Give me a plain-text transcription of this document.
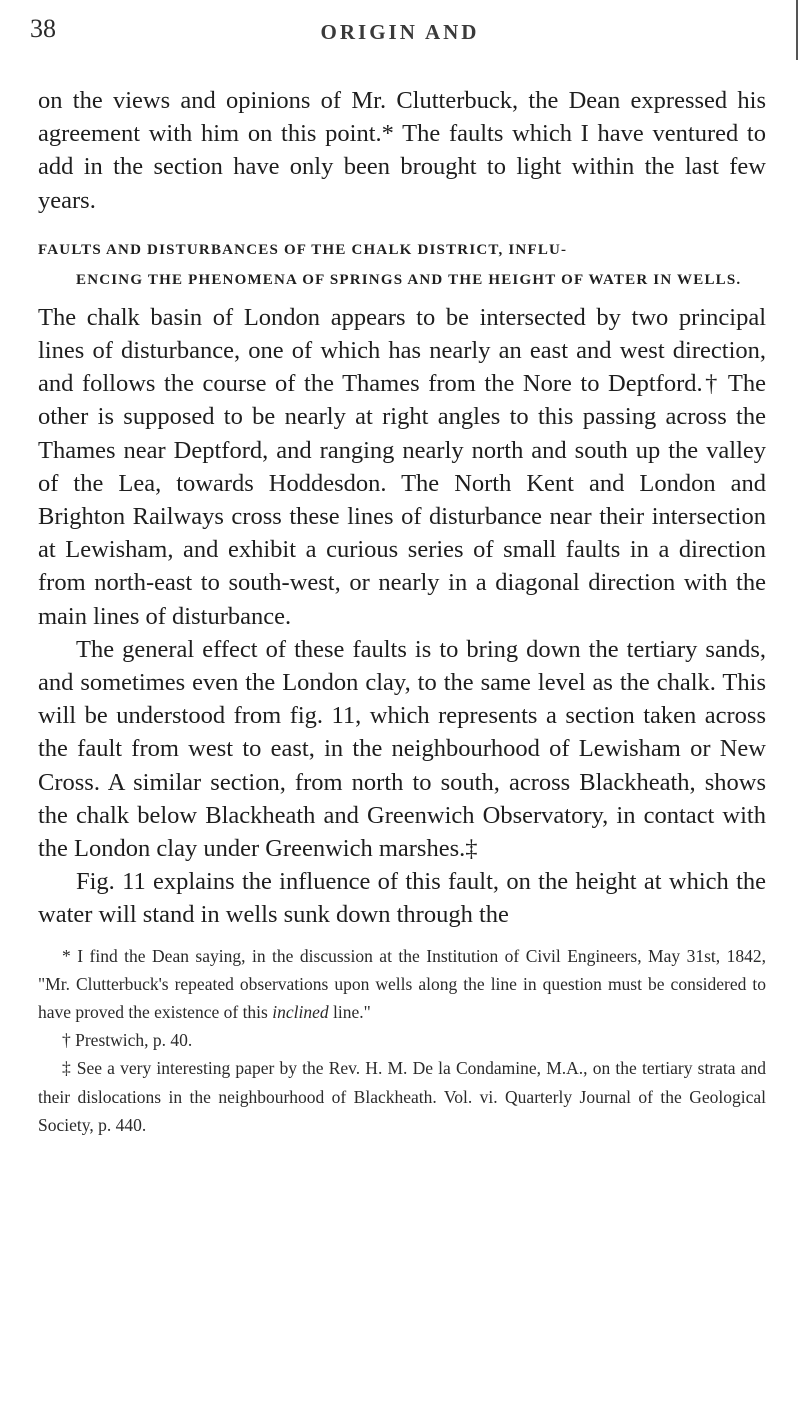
38	ORIGIN AND

on the views and opinions of Mr. Clutterbuck, the Dean expressed his agreement with him on this point.* The faults which I have ventured to add in the section have only been brought to light within the last few years.

FAULTS AND DISTURBANCES OF THE CHALK DISTRICT, INFLU-
ENCING THE PHENOMENA OF SPRINGS AND THE HEIGHT OF WATER IN WELLS.

The chalk basin of London appears to be intersected by two principal lines of disturbance, one of which has nearly an east and west direction, and follows the course of the Thames from the Nore to Deptford.† The other is supposed to be nearly at right angles to this passing across the Thames near Deptford, and ranging nearly north and south up the valley of the Lea, towards Hoddesdon. The North Kent and London and Brighton Railways cross these lines of disturbance near their intersection at Lewisham, and exhibit a curious series of small faults in a direction from north-east to south-west, or nearly in a diagonal direction with the main lines of disturbance.

The general effect of these faults is to bring down the tertiary sands, and sometimes even the London clay, to the same level as the chalk. This will be understood from fig. 11, which represents a section taken across the fault from west to east, in the neighbourhood of Lewisham or New Cross. A similar section, from north to south, across Blackheath, shows the chalk below Blackheath and Greenwich Observatory, in contact with the London clay under Greenwich marshes.‡

Fig. 11 explains the influence of this fault, on the height at which the water will stand in wells sunk down through the

* I find the Dean saying, in the discussion at the Institution of Civil Engineers, May 31st, 1842, "Mr. Clutterbuck's repeated observations upon wells along the line in question must be considered to have proved the existence of this inclined line."

† Prestwich, p. 40.

‡ See a very interesting paper by the Rev. H. M. De la Condamine, M.A., on the tertiary strata and their dislocations in the neighbourhood of Blackheath. Vol. vi. Quarterly Journal of the Geological Society, p. 440.
